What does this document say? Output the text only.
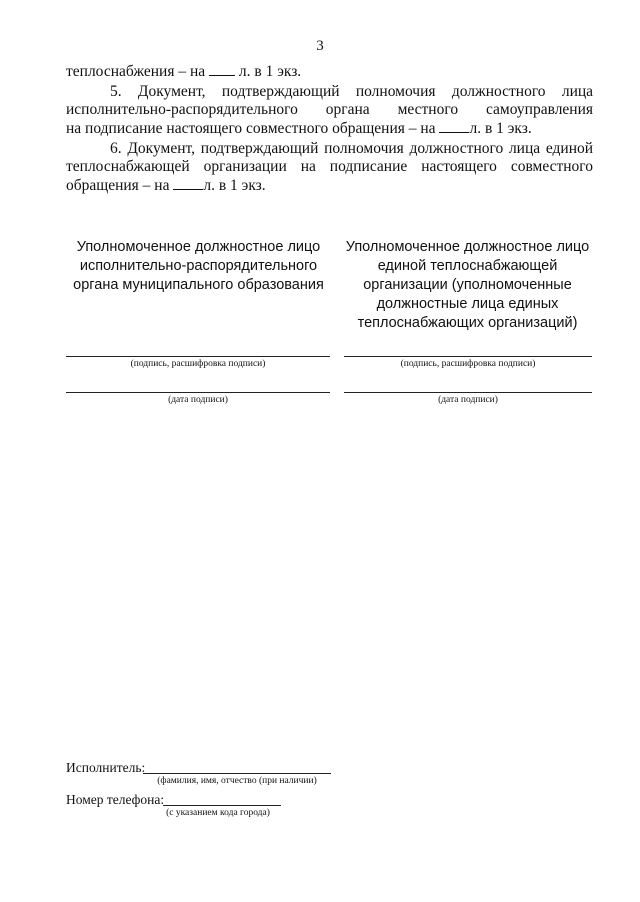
3
теплоснабжения – на л. в 1 экз.
5. Документ, подтверждающий полномочия должностного лица
исполнительно-распорядительного органа местного самоуправления
на подписание настоящего совместного обращения – на л. в 1 экз.
6. Документ, подтверждающий полномочия должностного лица единой
теплоснабжающей организации на подписание настоящего совместного
обращения – на л. в 1 экз.
Уполномоченное должностное лицо
исполнительно-распорядительного
органа муниципального образования
Уполномоченное должностное лицо
единой теплоснабжающей
организации (уполномоченные
должностные лица единых
теплоснабжающих организаций)
(подпись, расшифровка подписи)	(подпись, расшифровка подписи)
(дата подписи)	(дата подписи)
Исполнитель:
(фамилия, имя, отчество (при наличии)
Номер телефона:
(с указанием кода города)
